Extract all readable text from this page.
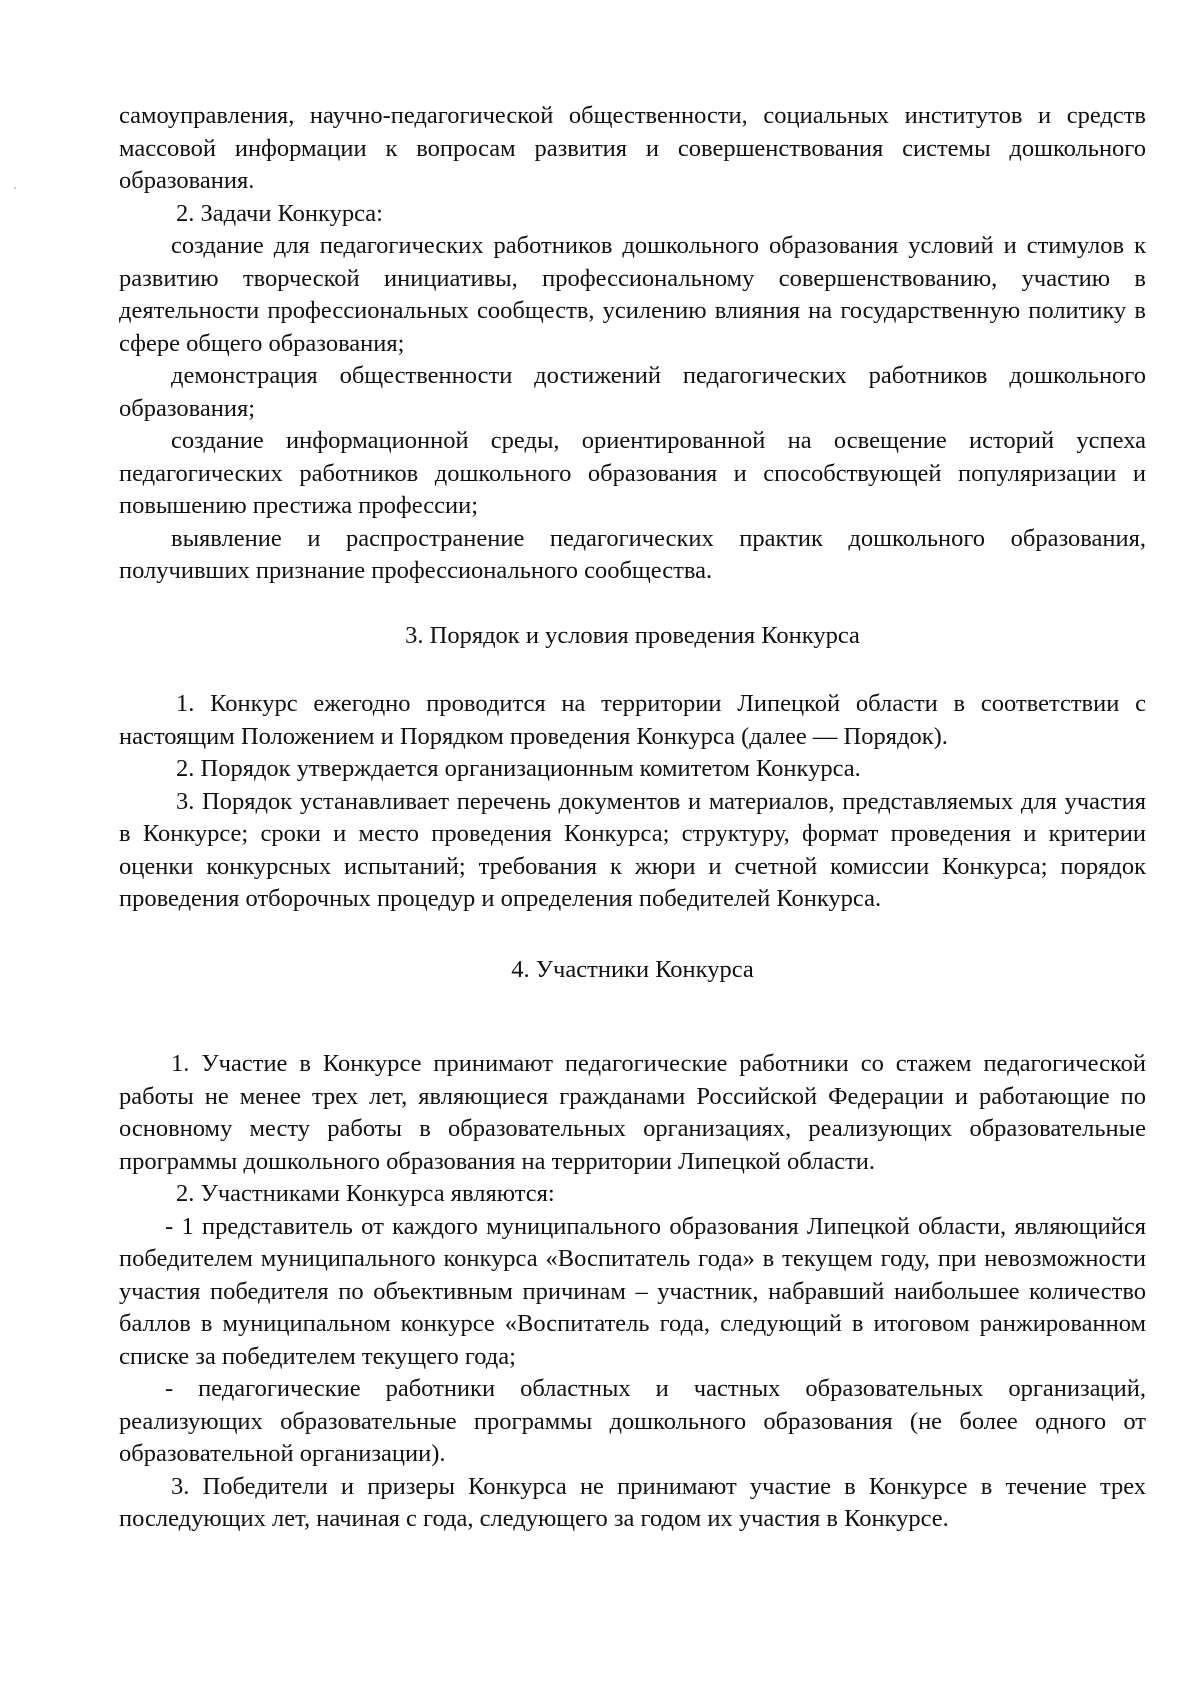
самоуправления, научно-педагогической общественности, социальных институтов и средств массовой информации к вопросам развития и совершенствования системы дошкольного образования.

2. Задачи Конкурса:

создание для педагогических работников дошкольного образования условий и стимулов к развитию творческой инициативы, профессиональному совершенствованию, участию в деятельности профессиональных сообществ, усилению влияния на государственную политику в сфере общего образования;

демонстрация общественности достижений педагогических работников дошкольного образования;

создание информационной среды, ориентированной на освещение историй успеха педагогических работников дошкольного образования и способствующей популяризации и повышению престижа профессии;

выявление и распространение педагогических практик дошкольного образования, получивших признание профессионального сообщества.

3. Порядок и условия проведения Конкурса

1. Конкурс ежегодно проводится на территории Липецкой области в соответствии с настоящим Положением и Порядком проведения Конкурса (далее — Порядок).

2. Порядок утверждается организационным комитетом Конкурса.

3. Порядок устанавливает перечень документов и материалов, представляемых для участия в Конкурсе; сроки и место проведения Конкурса; структуру, формат проведения и критерии оценки конкурсных испытаний; требования к жюри и счетной комиссии Конкурса; порядок проведения отборочных процедур и определения победителей Конкурса.

4. Участники Конкурса

1. Участие в Конкурсе принимают педагогические работники со стажем педагогической работы не менее трех лет, являющиеся гражданами Российской Федерации и работающие по основному месту работы в образовательных организациях, реализующих образовательные программы дошкольного образования на территории Липецкой области.

2. Участниками Конкурса являются:

- 1 представитель от каждого муниципального образования Липецкой области, являющийся победителем муниципального конкурса «Воспитатель года» в текущем году, при невозможности участия победителя по объективным причинам – участник, набравший наибольшее количество баллов в муниципальном конкурсе «Воспитатель года, следующий в итоговом ранжированном списке за победителем текущего года;

- педагогические работники областных и частных образовательных организаций, реализующих образовательные программы дошкольного образования (не более одного от образовательной организации).

3. Победители и призеры Конкурса не принимают участие в Конкурсе в течение трех последующих лет, начиная с года, следующего за годом их участия в Конкурсе.
